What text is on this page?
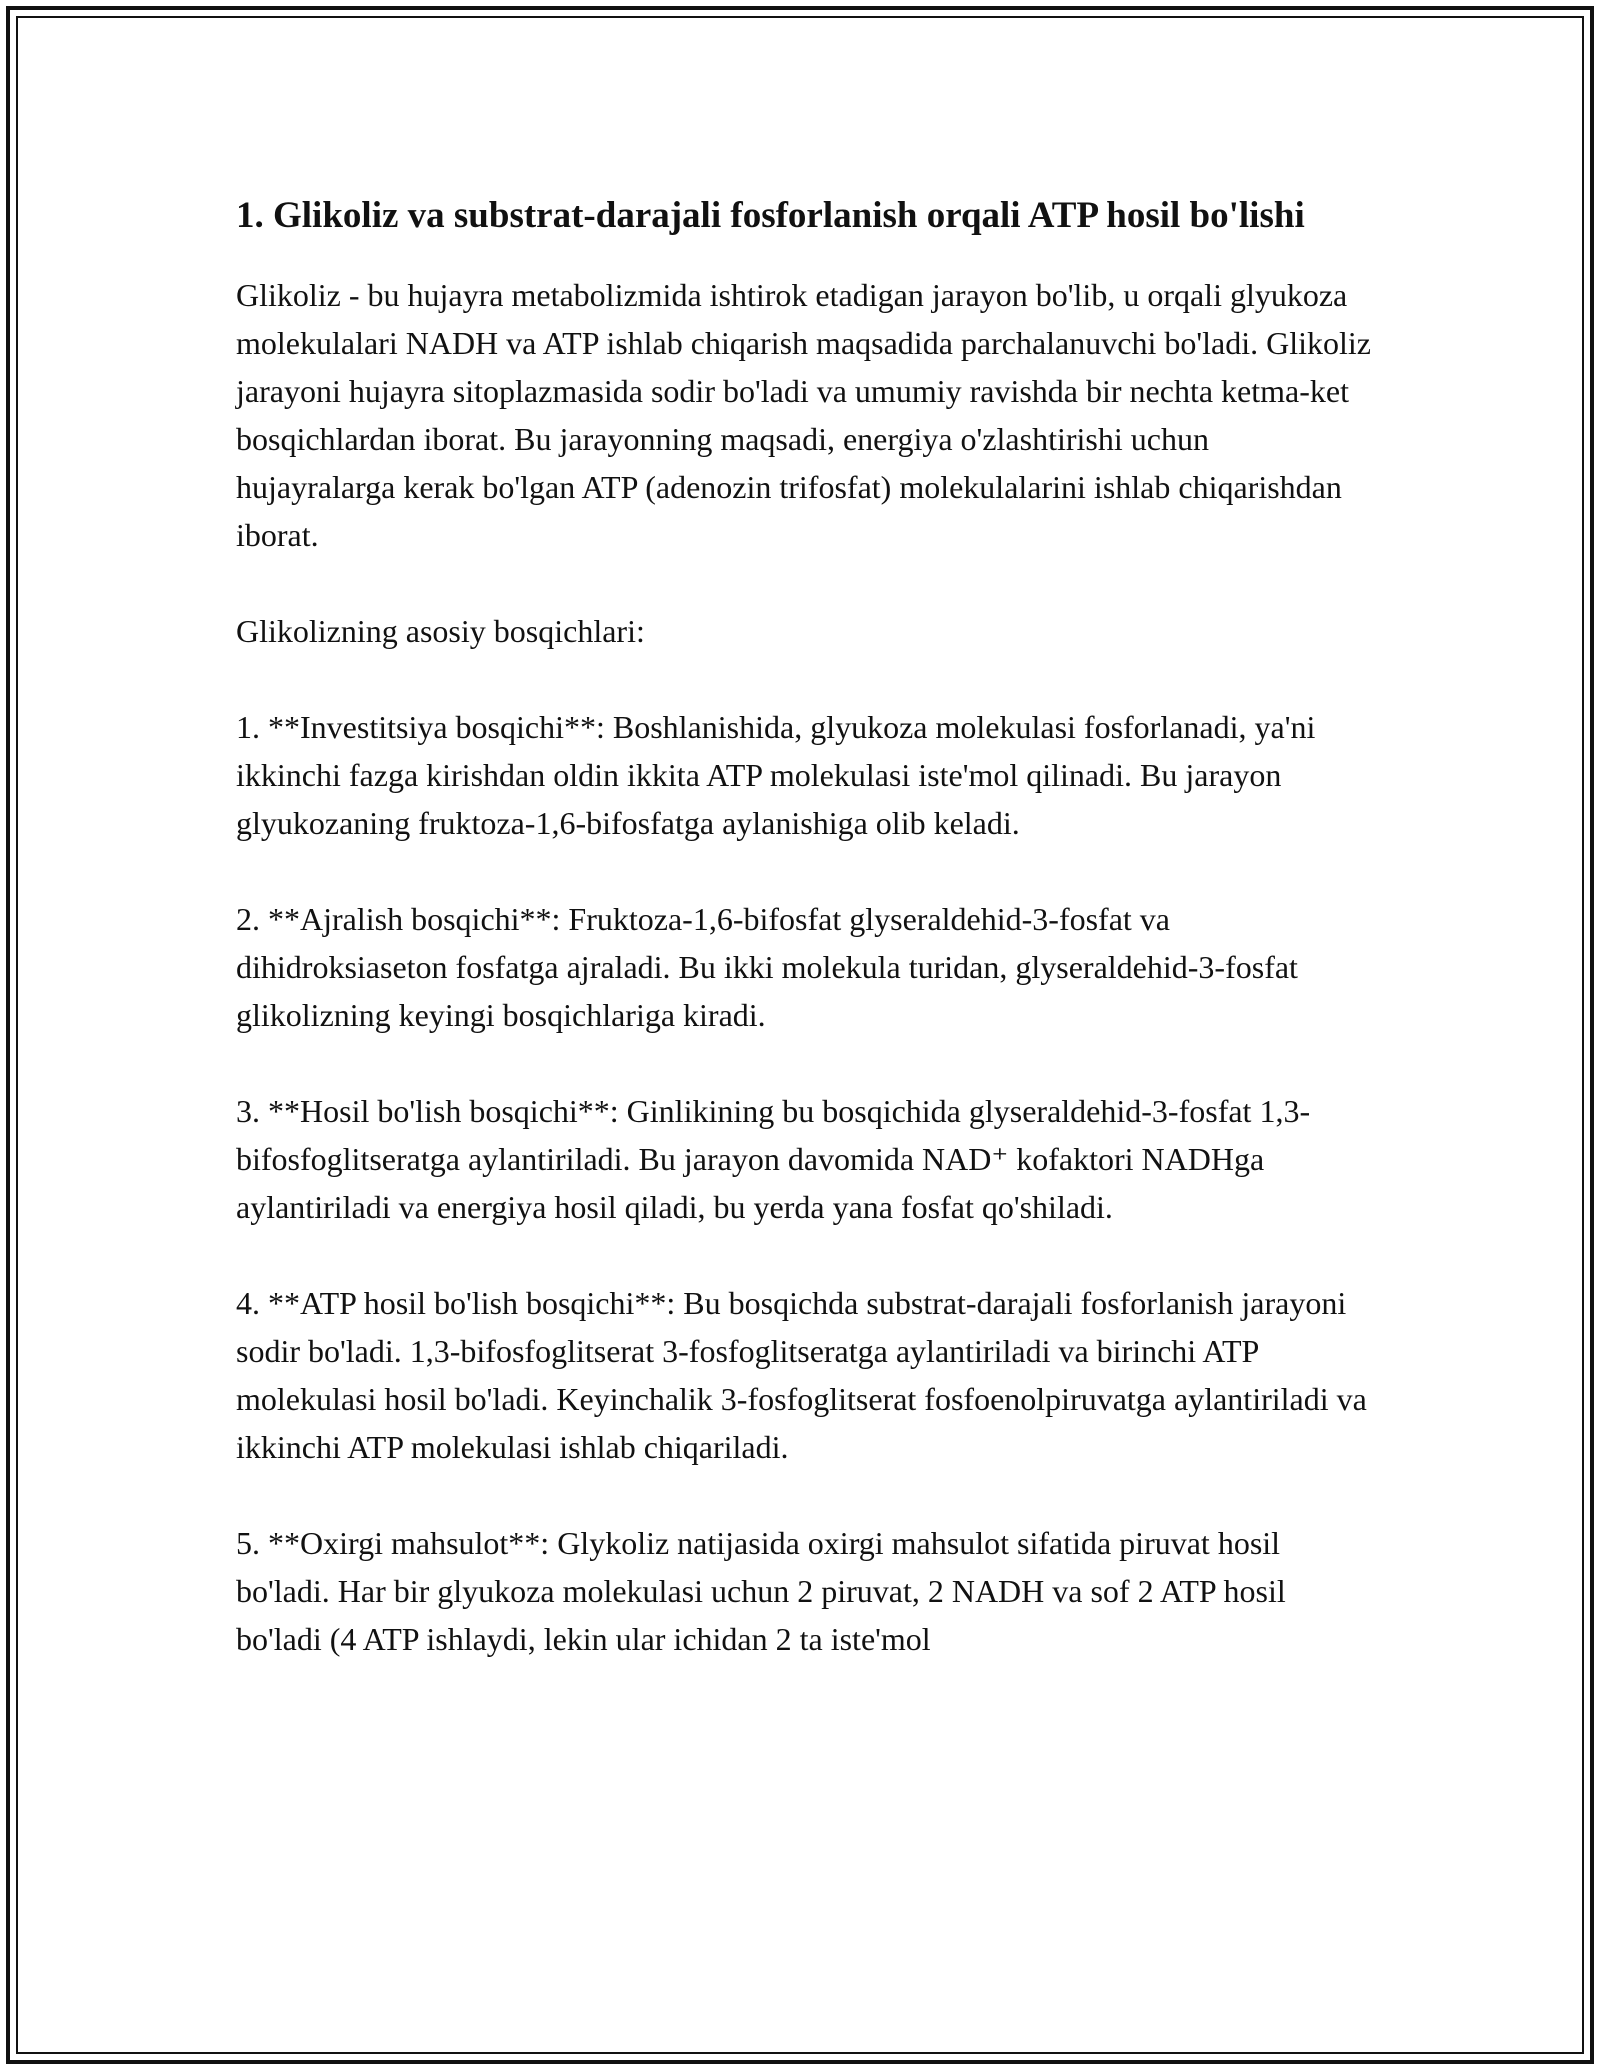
1. Glikoliz va substrat-darajali fosforlanish orqali ATP hosil bo'lishi

Glikoliz - bu hujayra metabolizmida ishtirok etadigan jarayon bo'lib, u orqali glyukoza molekulalari NADH va ATP ishlab chiqarish maqsadida parchalanuvchi bo'ladi. Glikoliz jarayoni hujayra sitoplazmasida sodir bo'ladi va umumiy ravishda bir nechta ketma-ket bosqichlardan iborat. Bu jarayonning maqsadi, energiya o'zlashtirishi uchun hujayralarga kerak bo'lgan ATP (adenozin trifosfat) molekulalarini ishlab chiqarishdan iborat.

Glikolizning asosiy bosqichlari:

1. **Investitsiya bosqichi**: Boshlanishida, glyukoza molekulasi fosforlanadi, ya'ni ikkinchi fazga kirishdan oldin ikkita ATP molekulasi iste'mol qilinadi. Bu jarayon glyukozaning fruktoza-1,6-bifosfatga aylanishiga olib keladi.

2. **Ajralish bosqichi**: Fruktoza-1,6-bifosfat glyseraldehid-3-fosfat va dihidroksiaseton fosfatga ajraladi. Bu ikki molekula turidan, glyseraldehid-3-fosfat glikolizning keyingi bosqichlariga kiradi.

3. **Hosil bo'lish bosqichi**: Ginlikining bu bosqichida glyseraldehid-3-fosfat 1,3-bifosfoglitseratga aylantiriladi. Bu jarayon davomida NAD⁺ kofaktori NADHga aylantiriladi va energiya hosil qiladi, bu yerda yana fosfat qo'shiladi.

4. **ATP hosil bo'lish bosqichi**: Bu bosqichda substrat-darajali fosforlanish jarayoni sodir bo'ladi. 1,3-bifosfoglitserat 3-fosfoglitseratga aylantiriladi va birinchi ATP molekulasi hosil bo'ladi. Keyinchalik 3-fosfoglitserat fosfoenolpiruvatga aylantiriladi va ikkinchi ATP molekulasi ishlab chiqariladi.

5. **Oxirgi mahsulot**: Glykoliz natijasida oxirgi mahsulot sifatida piruvat hosil bo'ladi. Har bir glyukoza molekulasi uchun 2 piruvat, 2 NADH va sof 2 ATP hosil bo'ladi (4 ATP ishlaydi, lekin ular ichidan 2 ta iste'mol
